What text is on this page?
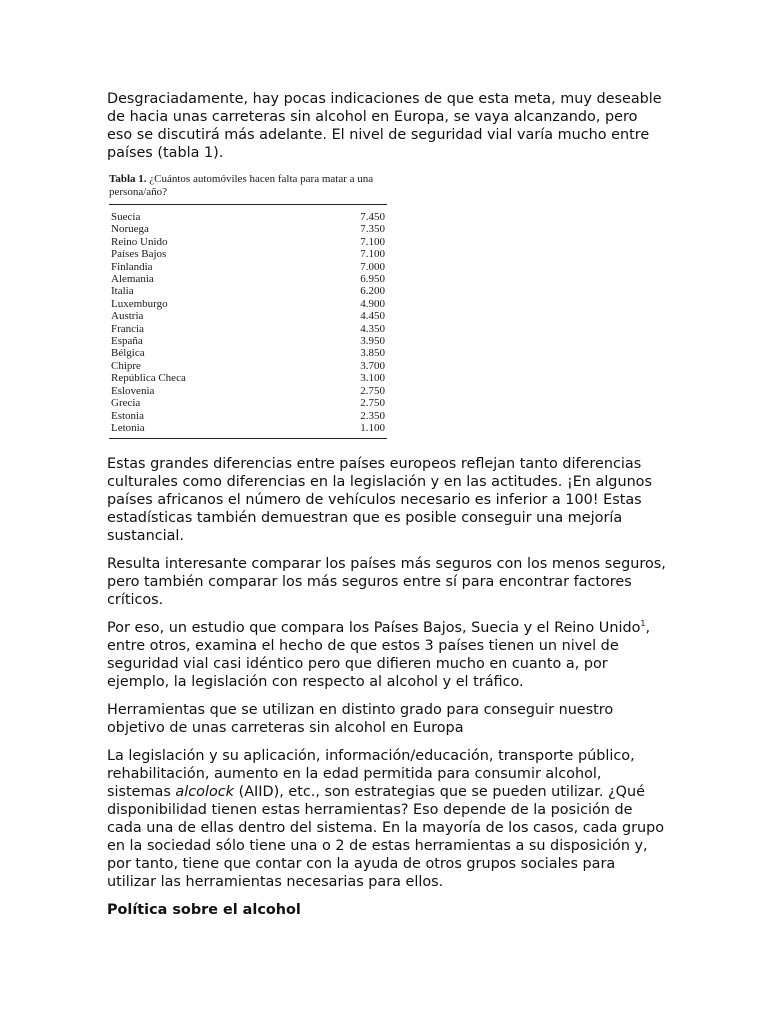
Desgraciadamente, hay pocas indicaciones de que esta meta, muy deseable de hacia unas carreteras sin alcohol en Europa, se vaya alcanzando, pero eso se discutirá más adelante. El nivel de seguridad vial varía mucho entre países (tabla 1).

Tabla 1. ¿Cuántos automóviles hacen falta para matar a una persona/año?
Suecia	7.450
Noruega	7.350
Reino Unido	7.100
Países Bajos	7.100
Finlandia	7.000
Alemania	6.950
Italia	6.200
Luxemburgo	4.900
Austria	4.450
Francia	4.350
España	3.950
Bélgica	3.850
Chipre	3.700
República Checa	3.100
Eslovenia	2.750
Grecia	2.750
Estonia	2.350
Letonia	1.100

Estas grandes diferencias entre países europeos reflejan tanto diferencias culturales como diferencias en la legislación y en las actitudes. ¡En algunos países africanos el número de vehículos necesario es inferior a 100! Estas estadísticas también demuestran que es posible conseguir una mejoría sustancial.

Resulta interesante comparar los países más seguros con los menos seguros, pero también comparar los más seguros entre sí para encontrar factores críticos.

Por eso, un estudio que compara los Países Bajos, Suecia y el Reino Unido$^1$, entre otros, examina el hecho de que estos 3 países tienen un nivel de seguridad vial casi idéntico pero que difieren mucho en cuanto a, por ejemplo, la legislación con respecto al alcohol y el tráfico.

Herramientas que se utilizan en distinto grado para conseguir nuestro objetivo de unas carreteras sin alcohol en Europa

La legislación y su aplicación, información/educación, transporte público, rehabilitación, aumento en la edad permitida para consumir alcohol, sistemas alcolock (AIID), etc., son estrategias que se pueden utilizar. ¿Qué disponibilidad tienen estas herramientas? Eso depende de la posición de cada una de ellas dentro del sistema. En la mayoría de los casos, cada grupo en la sociedad sólo tiene una o 2 de estas herramientas a su disposición y, por tanto, tiene que contar con la ayuda de otros grupos sociales para utilizar las herramientas necesarias para ellos.

Política sobre el alcohol
